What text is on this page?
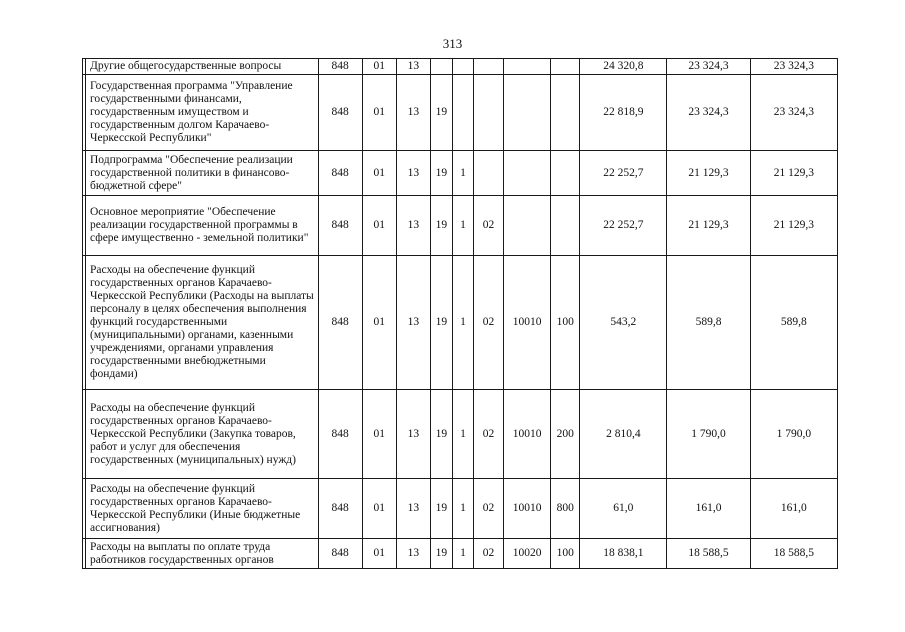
313
	Другие общегосударственные вопросы	848	01	13						24 320,8	23 324,3	23 324,3
	Государственная программа "Управление государственными финансами, государственным имуществом и государственным долгом Карачаево-Черкесской Республики"	848	01	13	19					22 818,9	23 324,3	23 324,3
	Подпрограмма "Обеспечение реализации государственной политики в финансово-бюджетной сфере"	848	01	13	19	1				22 252,7	21 129,3	21 129,3
	Основное мероприятие "Обеспечение реализации государственной программы в сфере имущественно - земельной политики"	848	01	13	19	1	02			22 252,7	21 129,3	21 129,3
	Расходы на обеспечение функций государственных органов Карачаево-Черкесской Республики (Расходы на выплаты персоналу в целях обеспечения выполнения функций государственными (муниципальными) органами, казенными учреждениями, органами управления государственными внебюджетными фондами)	848	01	13	19	1	02	10010	100	543,2	589,8	589,8
	Расходы на обеспечение функций государственных органов Карачаево-Черкесской Республики (Закупка товаров, работ и услуг для обеспечения государственных (муниципальных) нужд)	848	01	13	19	1	02	10010	200	2 810,4	1 790,0	1 790,0
	Расходы на обеспечение функций государственных органов Карачаево-Черкесской Республики (Иные бюджетные ассигнования)	848	01	13	19	1	02	10010	800	61,0	161,0	161,0
	Расходы на выплаты по оплате труда работников государственных органов	848	01	13	19	1	02	10020	100	18 838,1	18 588,5	18 588,5
